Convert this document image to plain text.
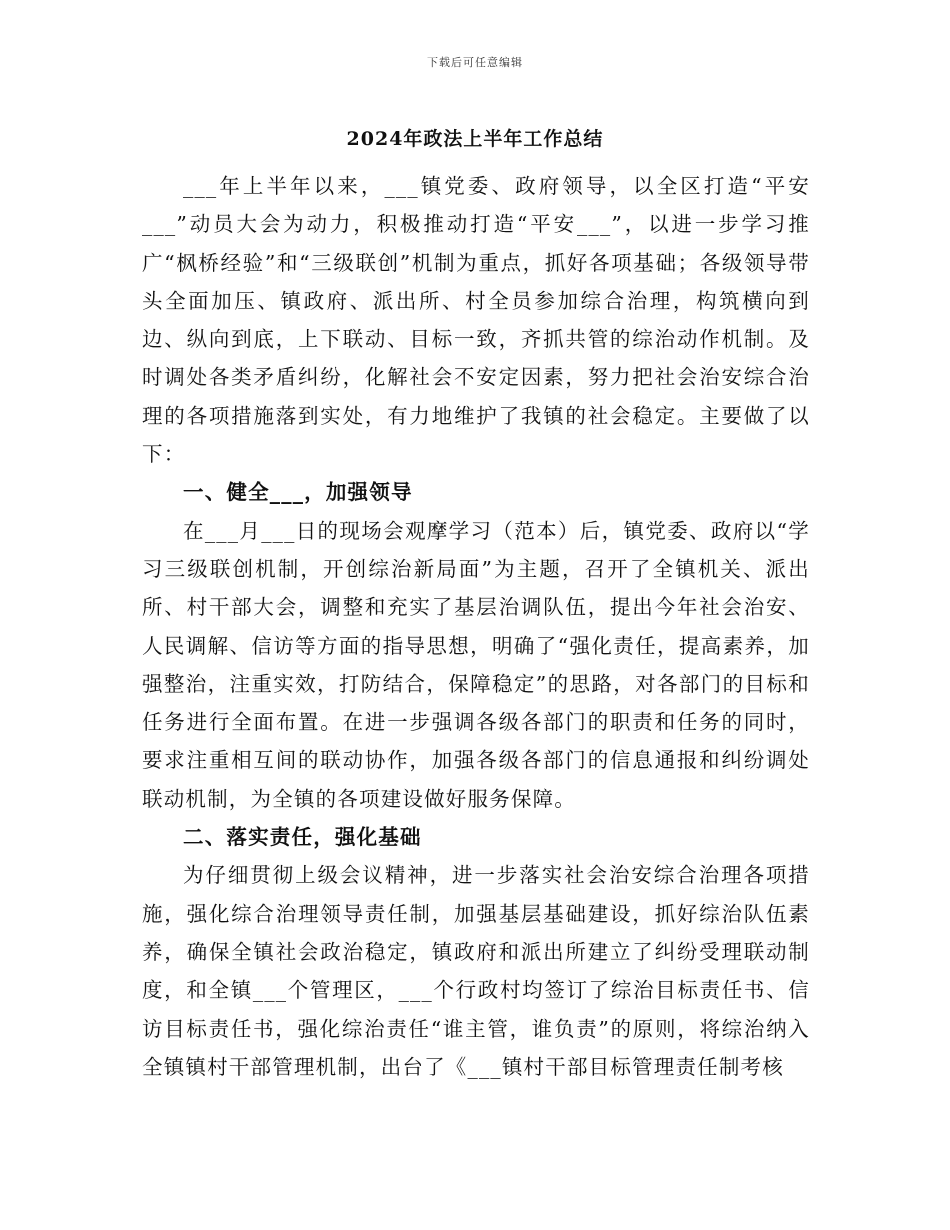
下载后可任意编辑
2024年政法上半年工作总结

___年上半年以来，___镇党委、政府领导，以全区打造“平安___”动员大会为动力，积极推动打造“平安___”，以进一步学习推广“枫桥经验”和“三级联创”机制为重点，抓好各项基础；各级领导带头全面加压、镇政府、派出所、村全员参加综合治理，构筑横向到边、纵向到底，上下联动、目标一致，齐抓共管的综治动作机制。及时调处各类矛盾纠纷，化解社会不安定因素，努力把社会治安综合治理的各项措施落到实处，有力地维护了我镇的社会稳定。主要做了以下：

一、健全___，加强领导

在___月___日的现场会观摩学习（范本）后，镇党委、政府以“学习三级联创机制，开创综治新局面”为主题，召开了全镇机关、派出所、村干部大会，调整和充实了基层治调队伍，提出今年社会治安、人民调解、信访等方面的指导思想，明确了“强化责任，提高素养，加强整治，注重实效，打防结合，保障稳定”的思路，对各部门的目标和任务进行全面布置。在进一步强调各级各部门的职责和任务的同时，要求注重相互间的联动协作，加强各级各部门的信息通报和纠纷调处联动机制，为全镇的各项建设做好服务保障。

二、落实责任，强化基础

为仔细贯彻上级会议精神，进一步落实社会治安综合治理各项措施，强化综合治理领导责任制，加强基层基础建设，抓好综治队伍素养，确保全镇社会政治稳定，镇政府和派出所建立了纠纷受理联动制度，和全镇___个管理区，___个行政村均签订了综治目标责任书、信访目标责任书，强化综治责任“谁主管，谁负责”的原则，将综治纳入全镇镇村干部管理机制，出台了《___镇村干部目标管理责任制考核
